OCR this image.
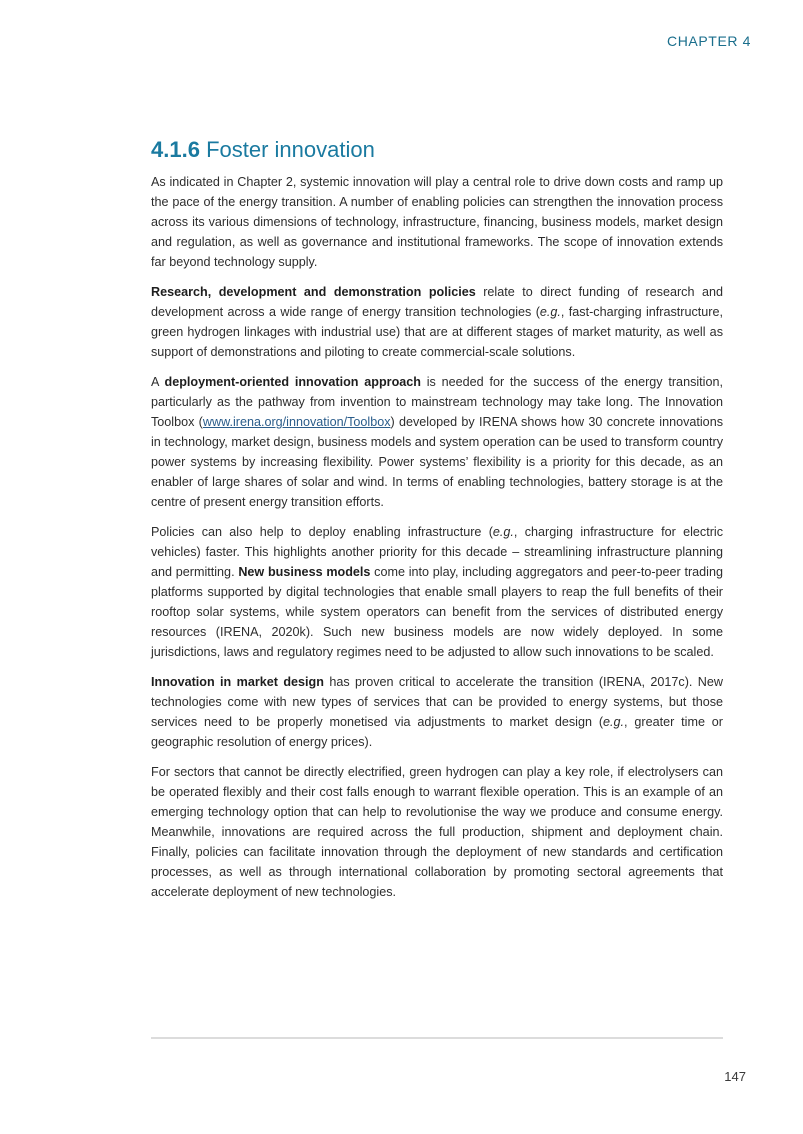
CHAPTER 4
4.1.6 Foster innovation

As indicated in Chapter 2, systemic innovation will play a central role to drive down costs and ramp up the pace of the energy transition. A number of enabling policies can strengthen the innovation process across its various dimensions of technology, infrastructure, financing, business models, market design and regulation, as well as governance and institutional frameworks. The scope of innovation extends far beyond technology supply.

Research, development and demonstration policies relate to direct funding of research and development across a wide range of energy transition technologies (e.g., fast-charging infrastructure, green hydrogen linkages with industrial use) that are at different stages of market maturity, as well as support of demonstrations and piloting to create commercial-scale solutions.

A deployment-oriented innovation approach is needed for the success of the energy transition, particularly as the pathway from invention to mainstream technology may take long. The Innovation Toolbox (www.irena.org/innovation/Toolbox) developed by IRENA shows how 30 concrete innovations in technology, market design, business models and system operation can be used to transform country power systems by increasing flexibility. Power systems’ flexibility is a priority for this decade, as an enabler of large shares of solar and wind. In terms of enabling technologies, battery storage is at the centre of present energy transition efforts.

Policies can also help to deploy enabling infrastructure (e.g., charging infrastructure for electric vehicles) faster. This highlights another priority for this decade – streamlining infrastructure planning and permitting. New business models come into play, including aggregators and peer-to-peer trading platforms supported by digital technologies that enable small players to reap the full benefits of their rooftop solar systems, while system operators can benefit from the services of distributed energy resources (IRENA, 2020k). Such new business models are now widely deployed. In some jurisdictions, laws and regulatory regimes need to be adjusted to allow such innovations to be scaled.

Innovation in market design has proven critical to accelerate the transition (IRENA, 2017c). New technologies come with new types of services that can be provided to energy systems, but those services need to be properly monetised via adjustments to market design (e.g., greater time or geographic resolution of energy prices).

For sectors that cannot be directly electrified, green hydrogen can play a key role, if electrolysers can be operated flexibly and their cost falls enough to warrant flexible operation. This is an example of an emerging technology option that can help to revolutionise the way we produce and consume energy. Meanwhile, innovations are required across the full production, shipment and deployment chain. Finally, policies can facilitate innovation through the deployment of new standards and certification processes, as well as through international collaboration by promoting sectoral agreements that accelerate deployment of new technologies.

147
